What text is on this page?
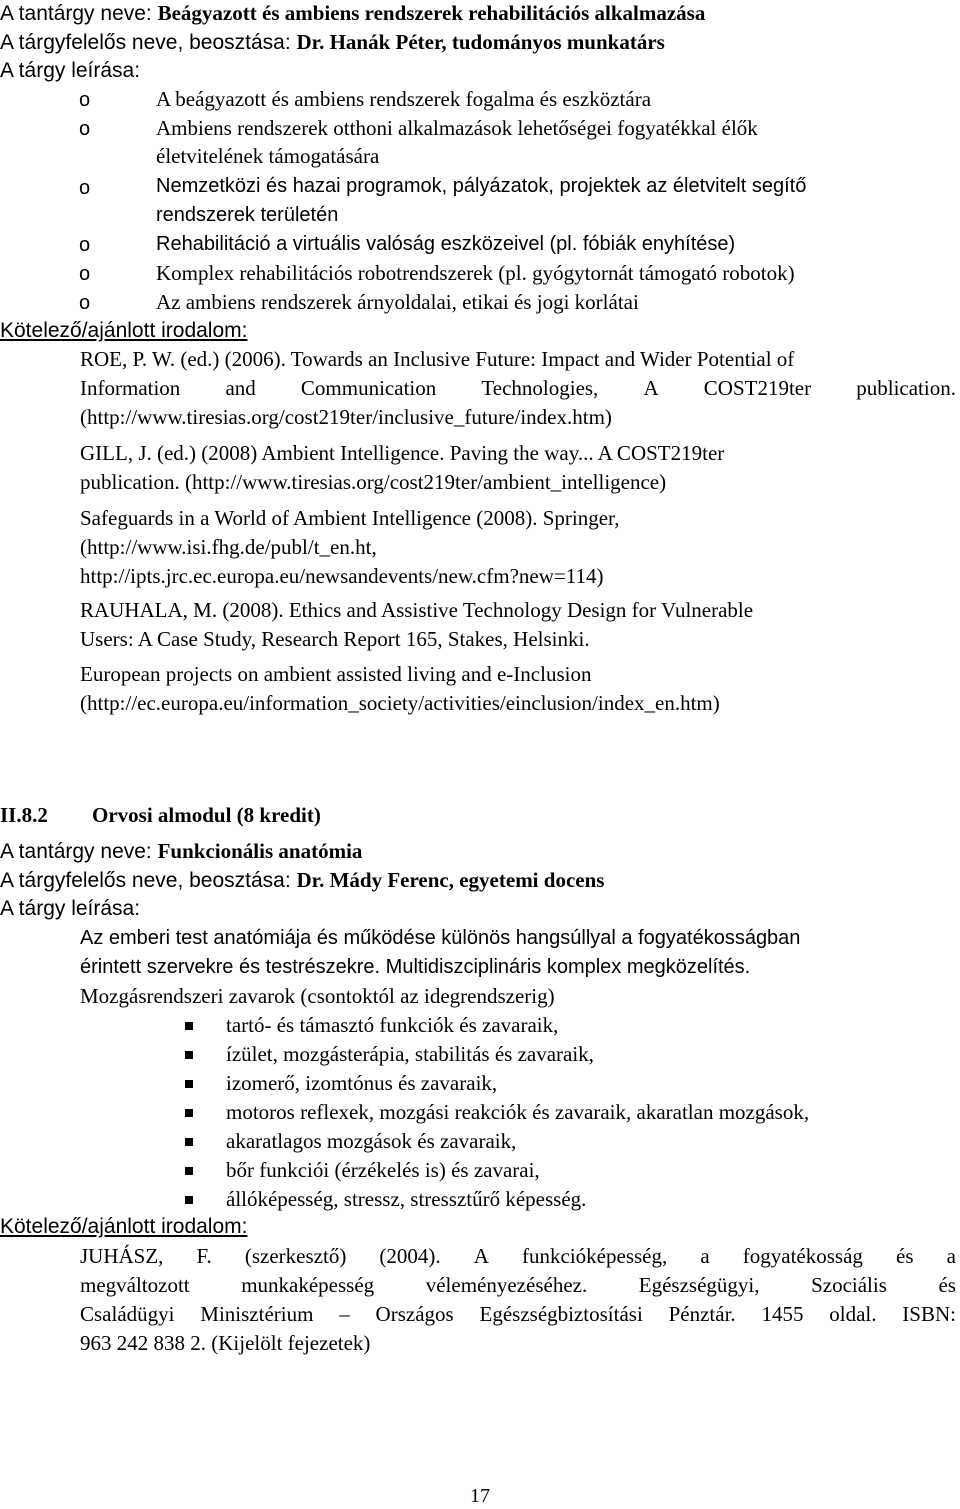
A tantárgy neve: Beágyazott és ambiens rendszerek rehabilitációs alkalmazása
A tárgyfelelős neve, beosztása: Dr. Hanák Péter, tudományos munkatárs
A tárgy leírása:
o	A beágyazott és ambiens rendszerek fogalma és eszköztára
o	Ambiens rendszerek otthoni alkalmazások lehetőségei fogyatékkal élők
életvitelének támogatására
o	Nemzetközi és hazai programok, pályázatok, projektek az életvitelt segítő
rendszerek területén
o	Rehabilitáció a virtuális valóság eszközeivel (pl. fóbiák enyhítése)
o	Komplex rehabilitációs robotrendszerek (pl. gyógytornát támogató robotok)
o	Az ambiens rendszerek árnyoldalai, etikai és jogi korlátai
Kötelező/ajánlott irodalom:
ROE, P. W. (ed.) (2006). Towards an Inclusive Future: Impact and Wider Potential of
Information and Communication Technologies, A COST219ter publication.
(http://www.tiresias.org/cost219ter/inclusive_future/index.htm)
GILL, J. (ed.) (2008) Ambient Intelligence. Paving the way... A COST219ter
publication. (http://www.tiresias.org/cost219ter/ambient_intelligence)
Safeguards in a World of Ambient Intelligence (2008). Springer,
(http://www.isi.fhg.de/publ/t_en.ht,
http://ipts.jrc.ec.europa.eu/newsandevents/new.cfm?new=114)
RAUHALA, M. (2008). Ethics and Assistive Technology Design for Vulnerable
Users: A Case Study, Research Report 165, Stakes, Helsinki.
European projects on ambient assisted living and e-Inclusion
(http://ec.europa.eu/information_society/activities/einclusion/index_en.htm)
II.8.2 Orvosi almodul (8 kredit)
A tantárgy neve: Funkcionális anatómia
A tárgyfelelős neve, beosztása: Dr. Mády Ferenc, egyetemi docens
A tárgy leírása:
Az emberi test anatómiája és működése különös hangsúllyal a fogyatékosságban
érintett szervekre és testrészekre. Multidiszciplináris komplex megközelítés.
Mozgásrendszeri zavarok (csontoktól az idegrendszerig)
tartó- és támasztó funkciók és zavaraik,
ízület, mozgásterápia, stabilitás és zavaraik,
izomerő, izomtónus és zavaraik,
motoros reflexek, mozgási reakciók és zavaraik, akaratlan mozgások,
akaratlagos mozgások és zavaraik,
bőr funkciói (érzékelés is) és zavarai,
állóképesség, stressz, stressztűrő képesség.
Kötelező/ajánlott irodalom:
JUHÁSZ, F. (szerkesztő) (2004). A funkcióképesség, a fogyatékosság és a
megváltozott munkaképesség véleményezéséhez. Egészségügyi, Szociális és
Családügyi Minisztérium – Országos Egészségbiztosítási Pénztár. 1455 oldal. ISBN:
963 242 838 2. (Kijelölt fejezetek)
17
